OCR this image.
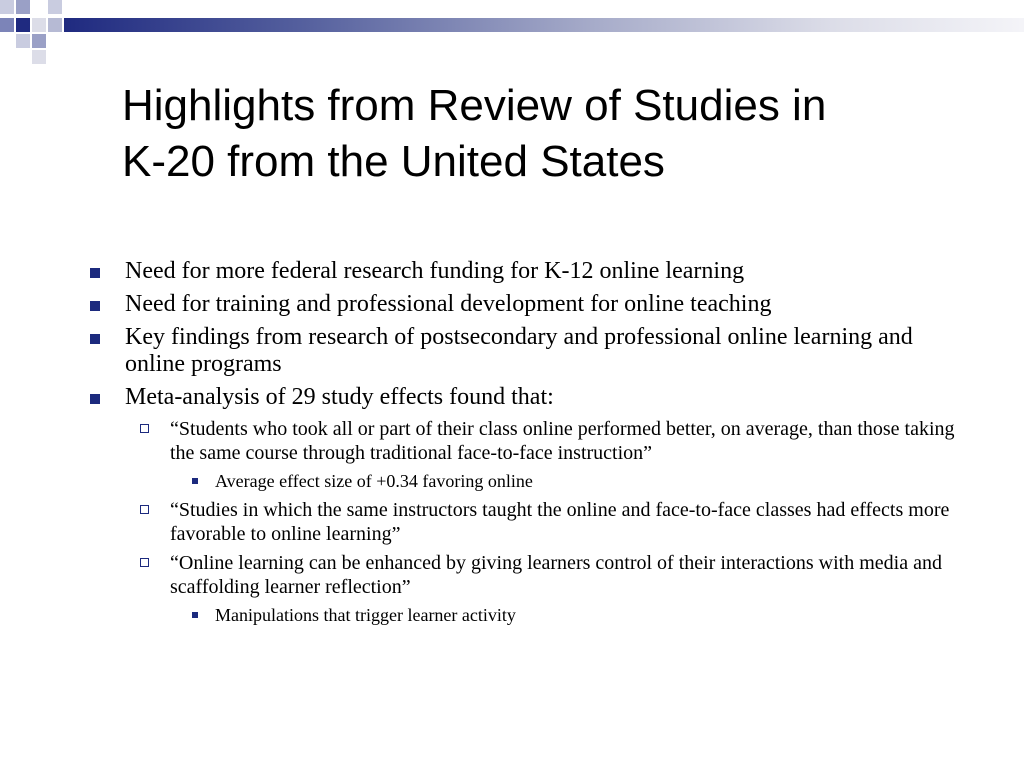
Highlights from Review of Studies in
K-20 from the United States
Need for more federal research funding for K-12 online learning
Need for training and professional development for online teaching
Key findings from research of postsecondary and professional online learning and online programs
Meta-analysis of 29 study effects found that:
“Students who took all or part of their class online performed better, on average, than those taking the same course through traditional face-to-face instruction”
Average effect size of +0.34 favoring online
“Studies in which the same instructors taught the online and face-to-face classes had effects more favorable to online learning”
“Online learning can be enhanced by giving learners control of their interactions with media and scaffolding learner reflection”
Manipulations that trigger learner activity
